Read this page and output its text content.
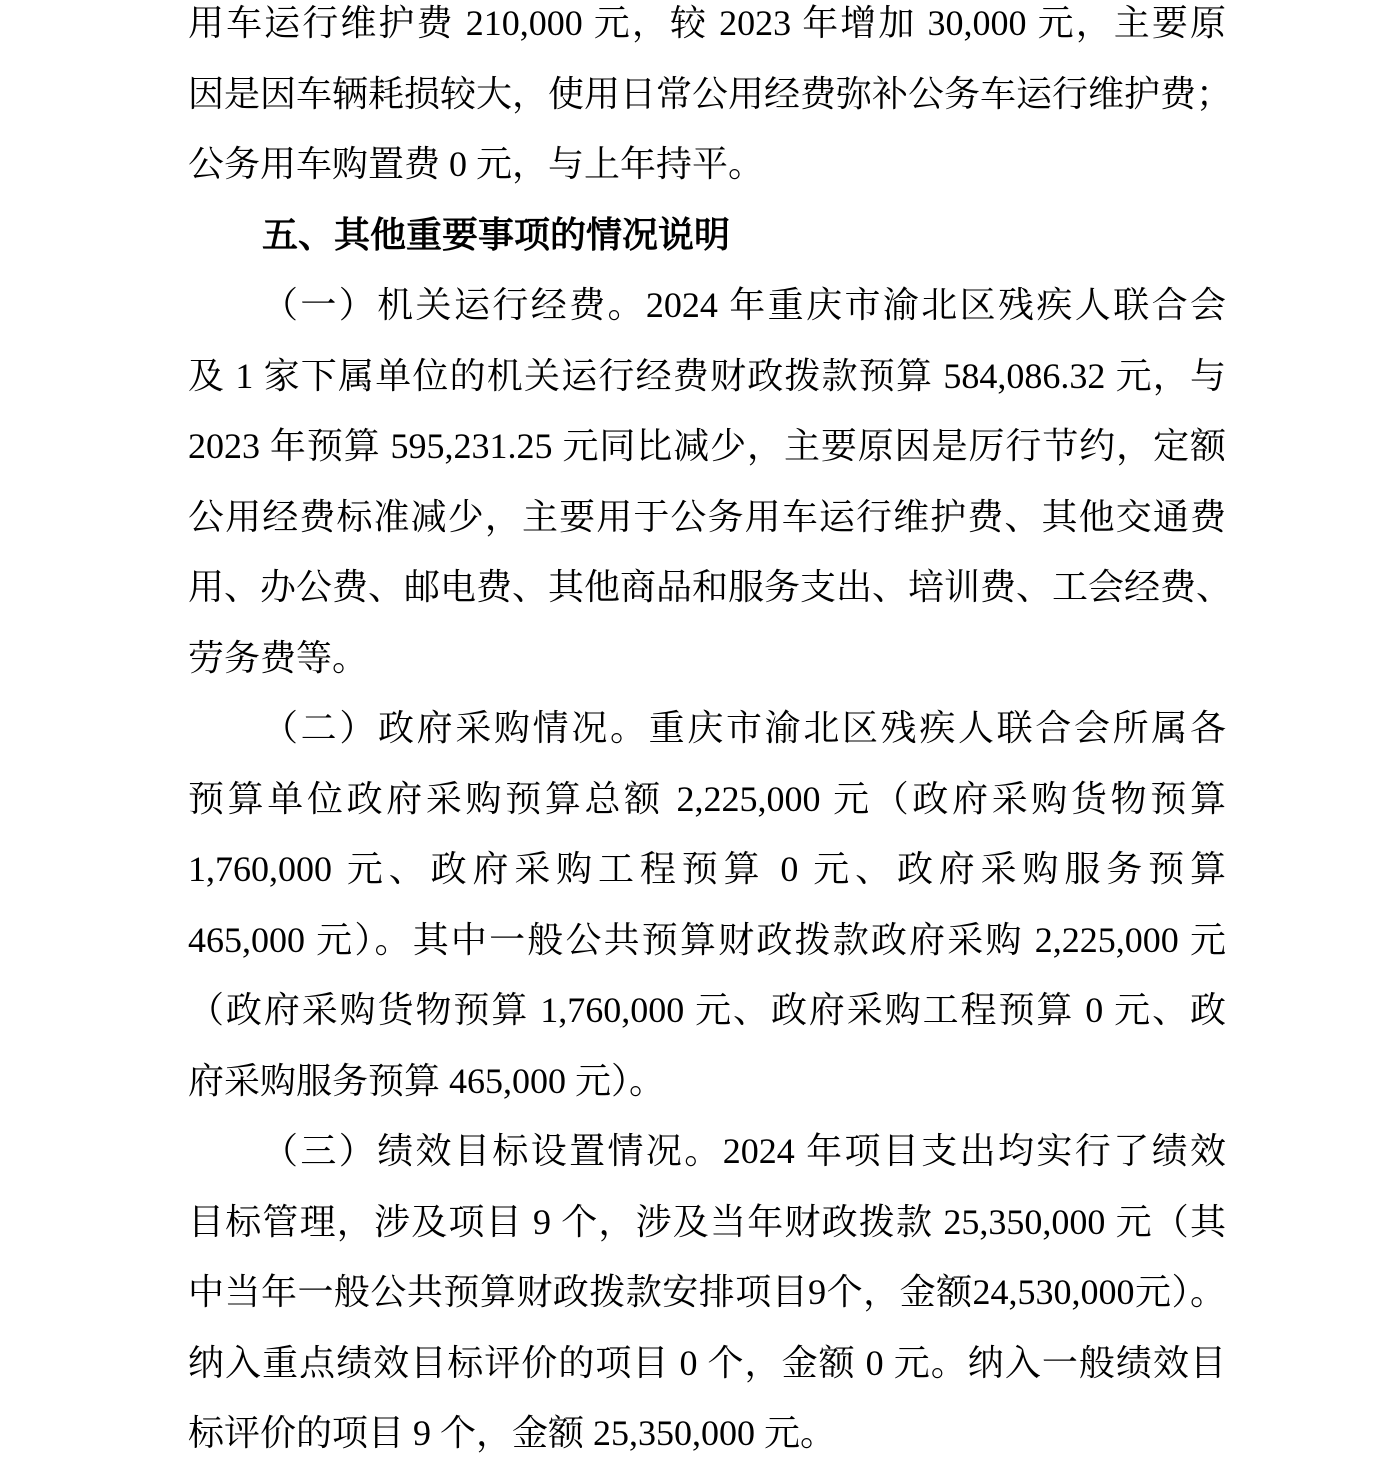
用车运行维护费 210,000 元，较 2023 年增加 30,000 元，主要原
因是因车辆耗损较大，使用日常公用经费弥补公务车运行维护费；
公务用车购置费 0 元，与上年持平。
五、其他重要事项的情况说明
（一）机关运行经费。2024 年重庆市渝北区残疾人联合会
及 1 家下属单位的机关运行经费财政拨款预算 584,086.32 元，与
2023 年预算 595,231.25 元同比减少，主要原因是厉行节约，定额
公用经费标准减少，主要用于公务用车运行维护费、其他交通费
用、办公费、邮电费、其他商品和服务支出、培训费、工会经费、
劳务费等。
（二）政府采购情况。重庆市渝北区残疾人联合会所属各
预算单位政府采购预算总额 2,225,000 元（政府采购货物预算
1,760,000 元、政府采购工程预算 0 元、政府采购服务预算
465,000 元）。其中一般公共预算财政拨款政府采购 2,225,000 元
（政府采购货物预算 1,760,000 元、政府采购工程预算 0 元、政
府采购服务预算 465,000 元）。
（三）绩效目标设置情况。2024 年项目支出均实行了绩效
目标管理，涉及项目 9 个，涉及当年财政拨款 25,350,000 元（其
中当年一般公共预算财政拨款安排项目9个，金额24,530,000元）。
纳入重点绩效目标评价的项目 0 个，金额 0 元。纳入一般绩效目
标评价的项目 9 个，金额 25,350,000 元。
